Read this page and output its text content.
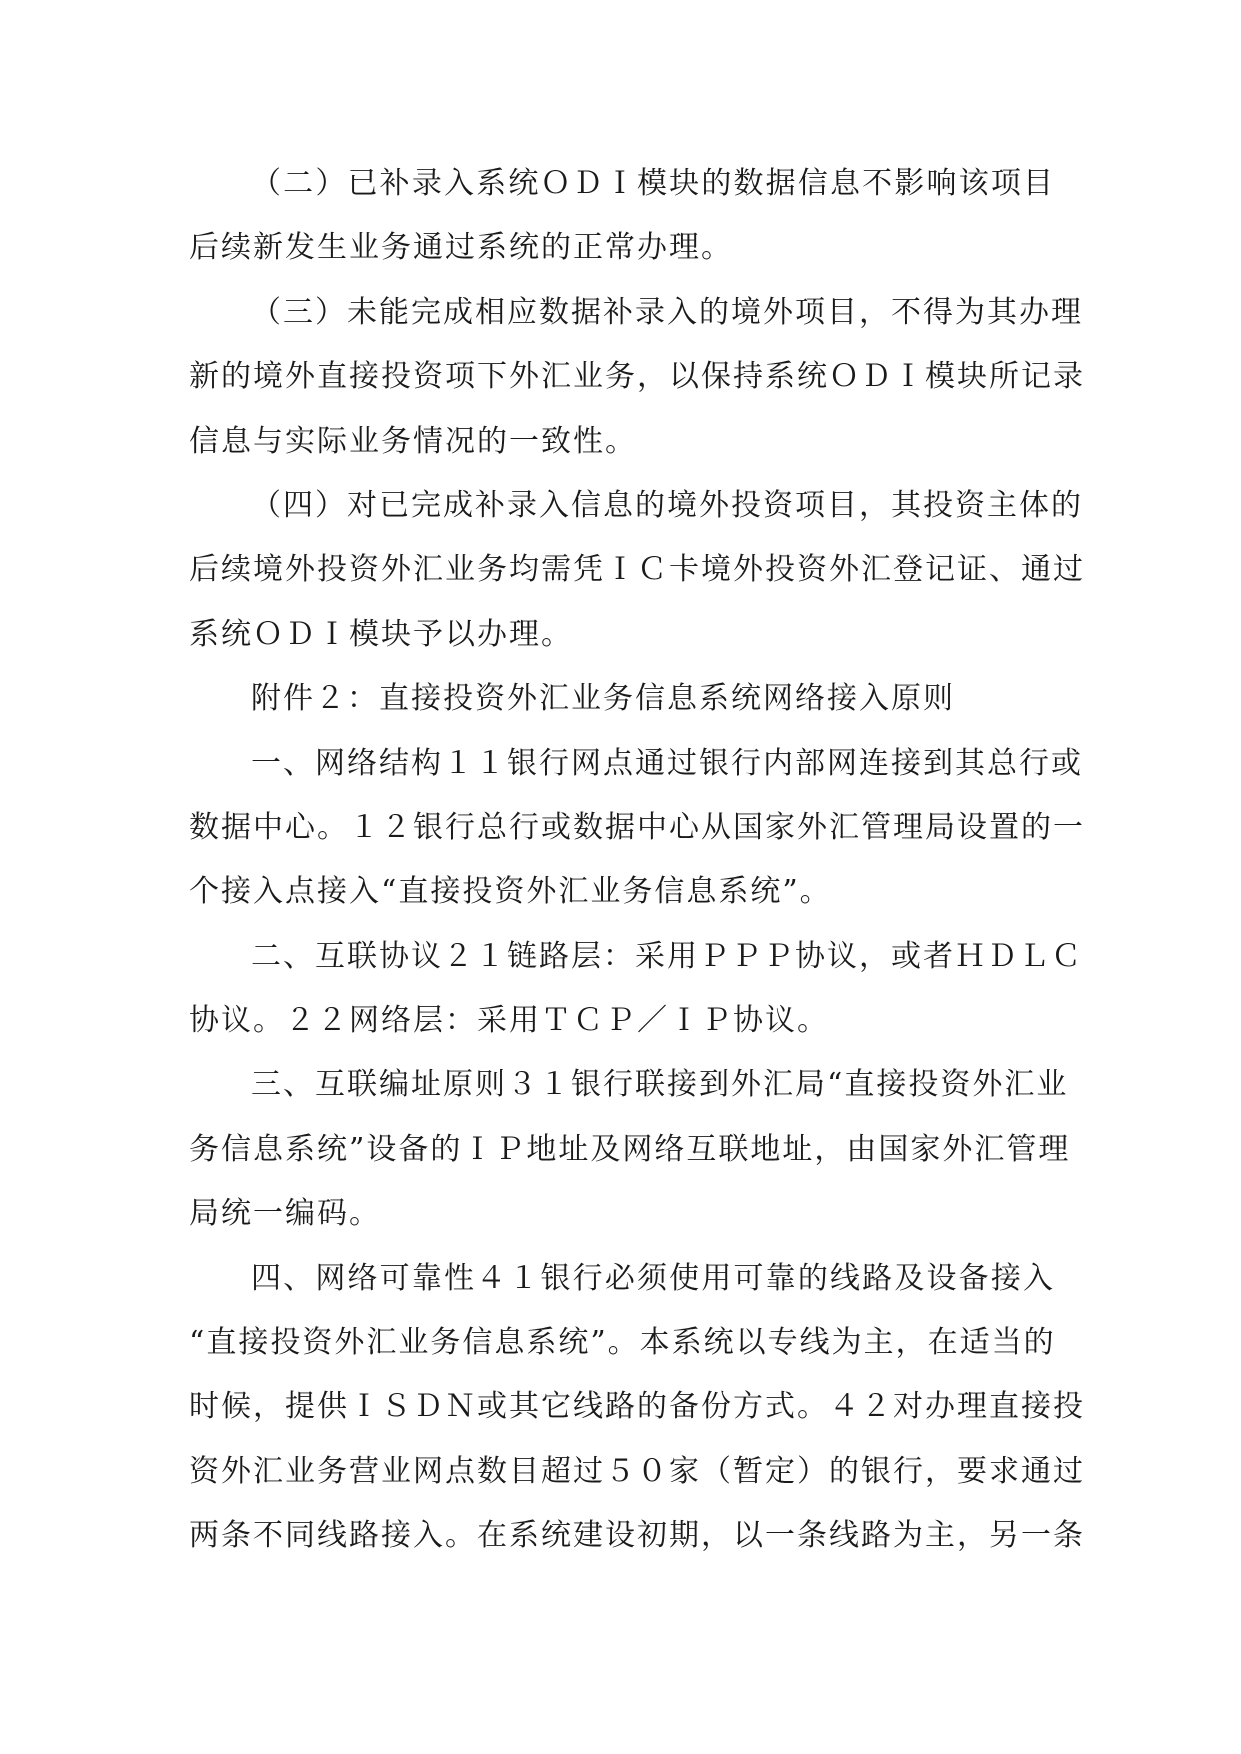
（二）已补录入系统ＯＤＩ模块的数据信息不影响该项目
后续新发生业务通过系统的正常办理。
（三）未能完成相应数据补录入的境外项目，不得为其办理
新的境外直接投资项下外汇业务，以保持系统ＯＤＩ模块所记录
信息与实际业务情况的一致性。
（四）对已完成补录入信息的境外投资项目，其投资主体的
后续境外投资外汇业务均需凭ＩＣ卡境外投资外汇登记证、通过
系统ＯＤＩ模块予以办理。
附件２：直接投资外汇业务信息系统网络接入原则
一、网络结构１１银行网点通过银行内部网连接到其总行或
数据中心。１２银行总行或数据中心从国家外汇管理局设置的一
个接入点接入“直接投资外汇业务信息系统”。
二、互联协议２１链路层：采用ＰＰＰ协议，或者ＨＤＬＣ
协议。２２网络层：采用ＴＣＰ／ＩＰ协议。
三、互联编址原则３１银行联接到外汇局“直接投资外汇业
务信息系统”设备的ＩＰ地址及网络互联地址，由国家外汇管理
局统一编码。
四、网络可靠性４１银行必须使用可靠的线路及设备接入
“直接投资外汇业务信息系统”。本系统以专线为主，在适当的
时候，提供ＩＳＤＮ或其它线路的备份方式。４２对办理直接投
资外汇业务营业网点数目超过５０家（暂定）的银行，要求通过
两条不同线路接入。在系统建设初期，以一条线路为主，另一条
